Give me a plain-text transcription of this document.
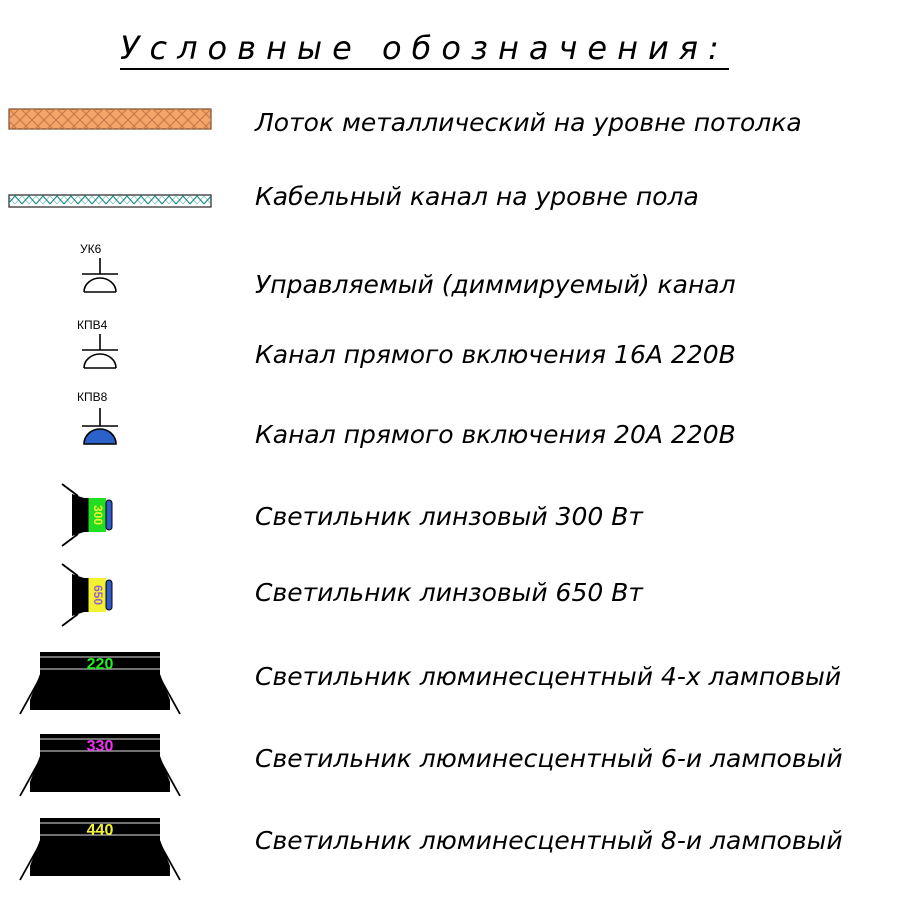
Условные обозначения:
Лоток металлический на уровне потолка
Кабельный канал на уровне пола
УК6
Управляемый (диммируемый) канал
КПВ4
Канал прямого включения 16А 220В
КПВ8
Канал прямого включения 20А 220В
300	Светильник линзовый 300 Вт
650	Светильник линзовый 650 Вт
220	Светильник люминесцентный 4-х ламповый
330	Светильник люминесцентный 6-и ламповый
440	Светильник люминесцентный 8-и ламповый
